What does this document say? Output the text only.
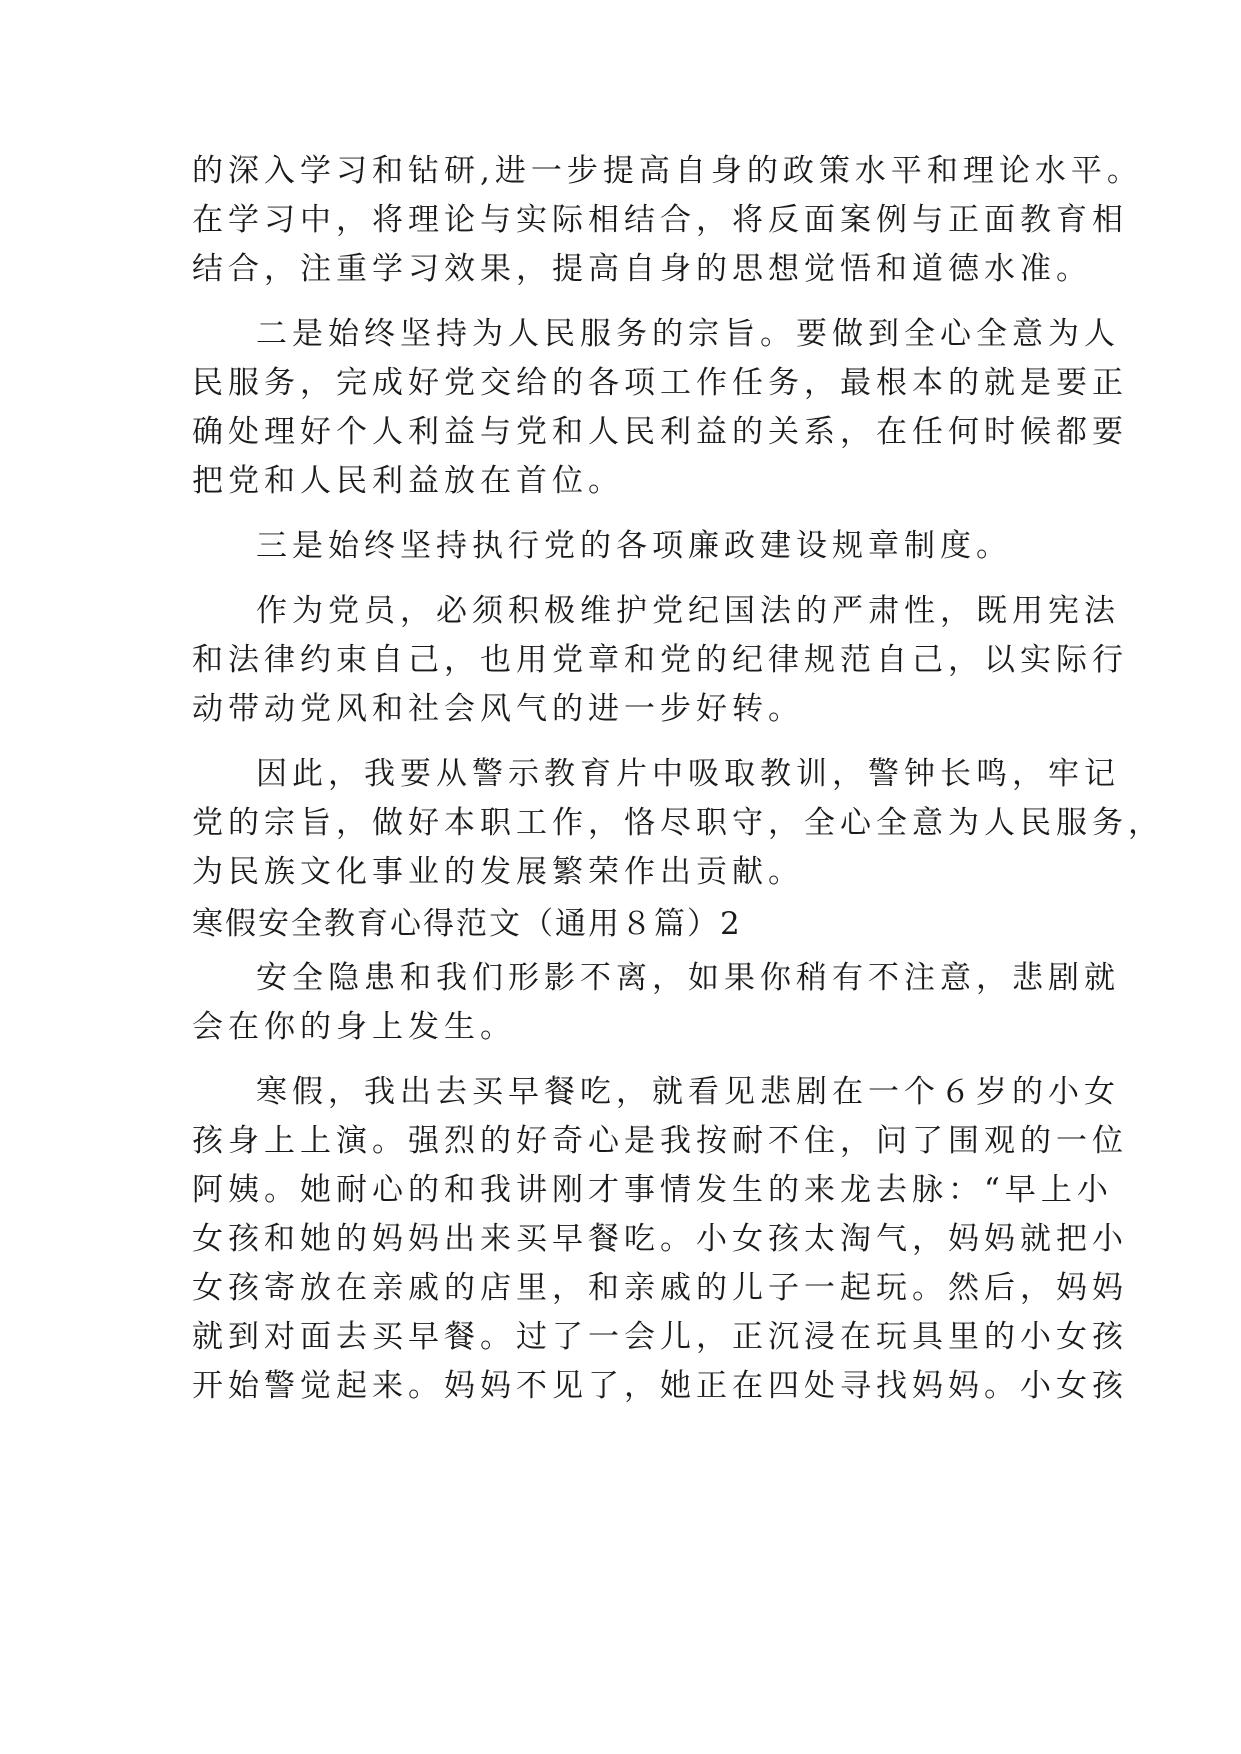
的深入学习和钻研,进一步提高自身的政策水平和理论水平。
在学习中，将理论与实际相结合，将反面案例与正面教育相
结合，注重学习效果，提高自身的思想觉悟和道德水准。
二是始终坚持为人民服务的宗旨。要做到全心全意为人
民服务，完成好党交给的各项工作任务，最根本的就是要正
确处理好个人利益与党和人民利益的关系，在任何时候都要
把党和人民利益放在首位。
三是始终坚持执行党的各项廉政建设规章制度。
作为党员，必须积极维护党纪国法的严肃性，既用宪法
和法律约束自己，也用党章和党的纪律规范自己，以实际行
动带动党风和社会风气的进一步好转。
因此，我要从警示教育片中吸取教训，警钟长鸣，牢记
党的宗旨，做好本职工作，恪尽职守，全心全意为人民服务，
为民族文化事业的发展繁荣作出贡献。
寒假安全教育心得范文（通用８篇）2
安全隐患和我们形影不离，如果你稍有不注意，悲剧就
会在你的身上发生。
寒假，我出去买早餐吃，就看见悲剧在一个６岁的小女
孩身上上演。强烈的好奇心是我按耐不住，问了围观的一位
阿姨。她耐心的和我讲刚才事情发生的来龙去脉：“早上小
女孩和她的妈妈出来买早餐吃。小女孩太淘气，妈妈就把小
女孩寄放在亲戚的店里，和亲戚的儿子一起玩。然后，妈妈
就到对面去买早餐。过了一会儿，正沉浸在玩具里的小女孩
开始警觉起来。妈妈不见了，她正在四处寻找妈妈。小女孩
